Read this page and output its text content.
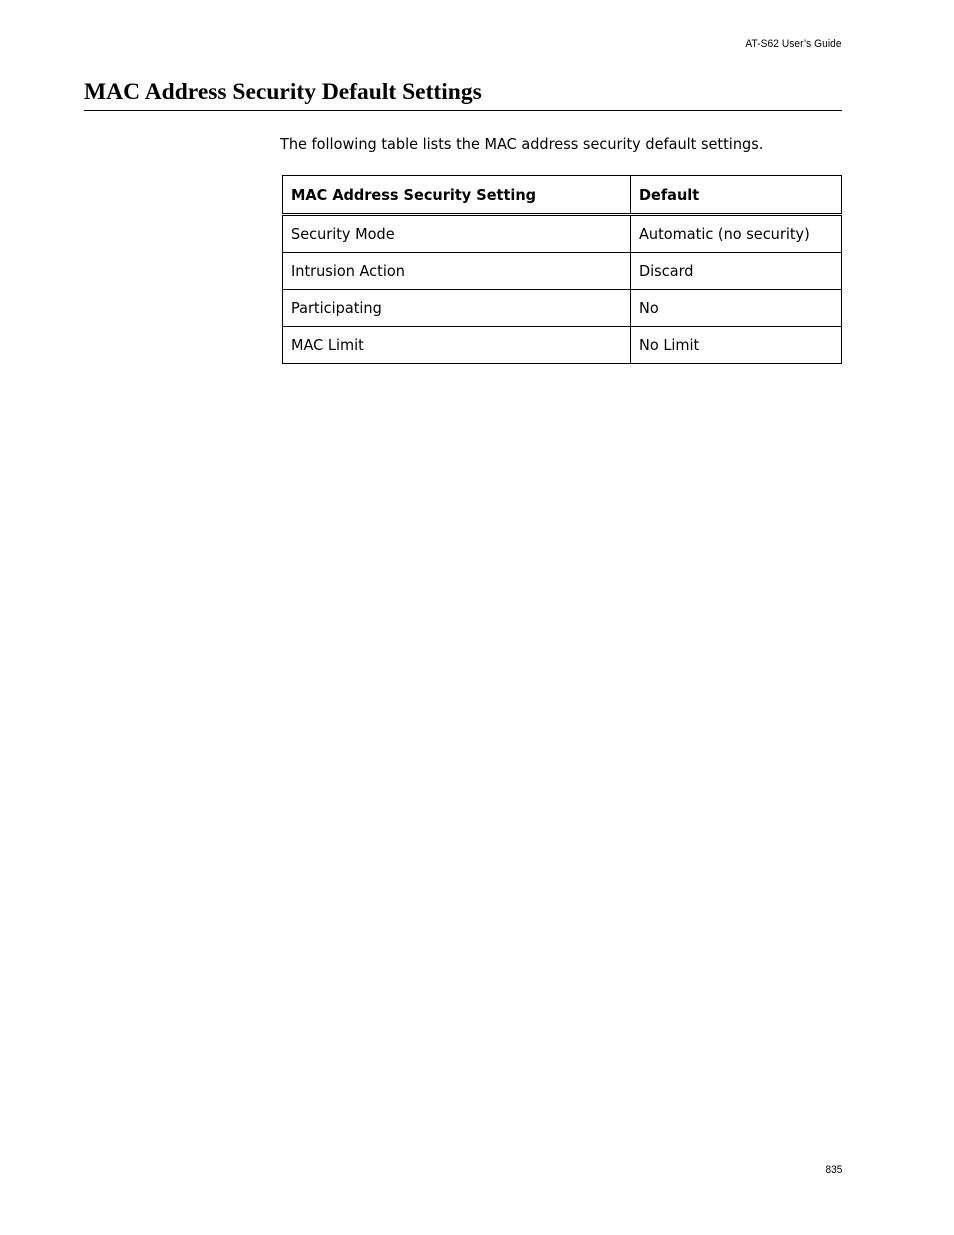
AT-S62 User’s Guide
MAC Address Security Default Settings

The following table lists the MAC address security default settings.

MAC Address Security Setting	Default
Security Mode	Automatic (no security)
Intrusion Action	Discard
Participating	No
MAC Limit	No Limit
835
